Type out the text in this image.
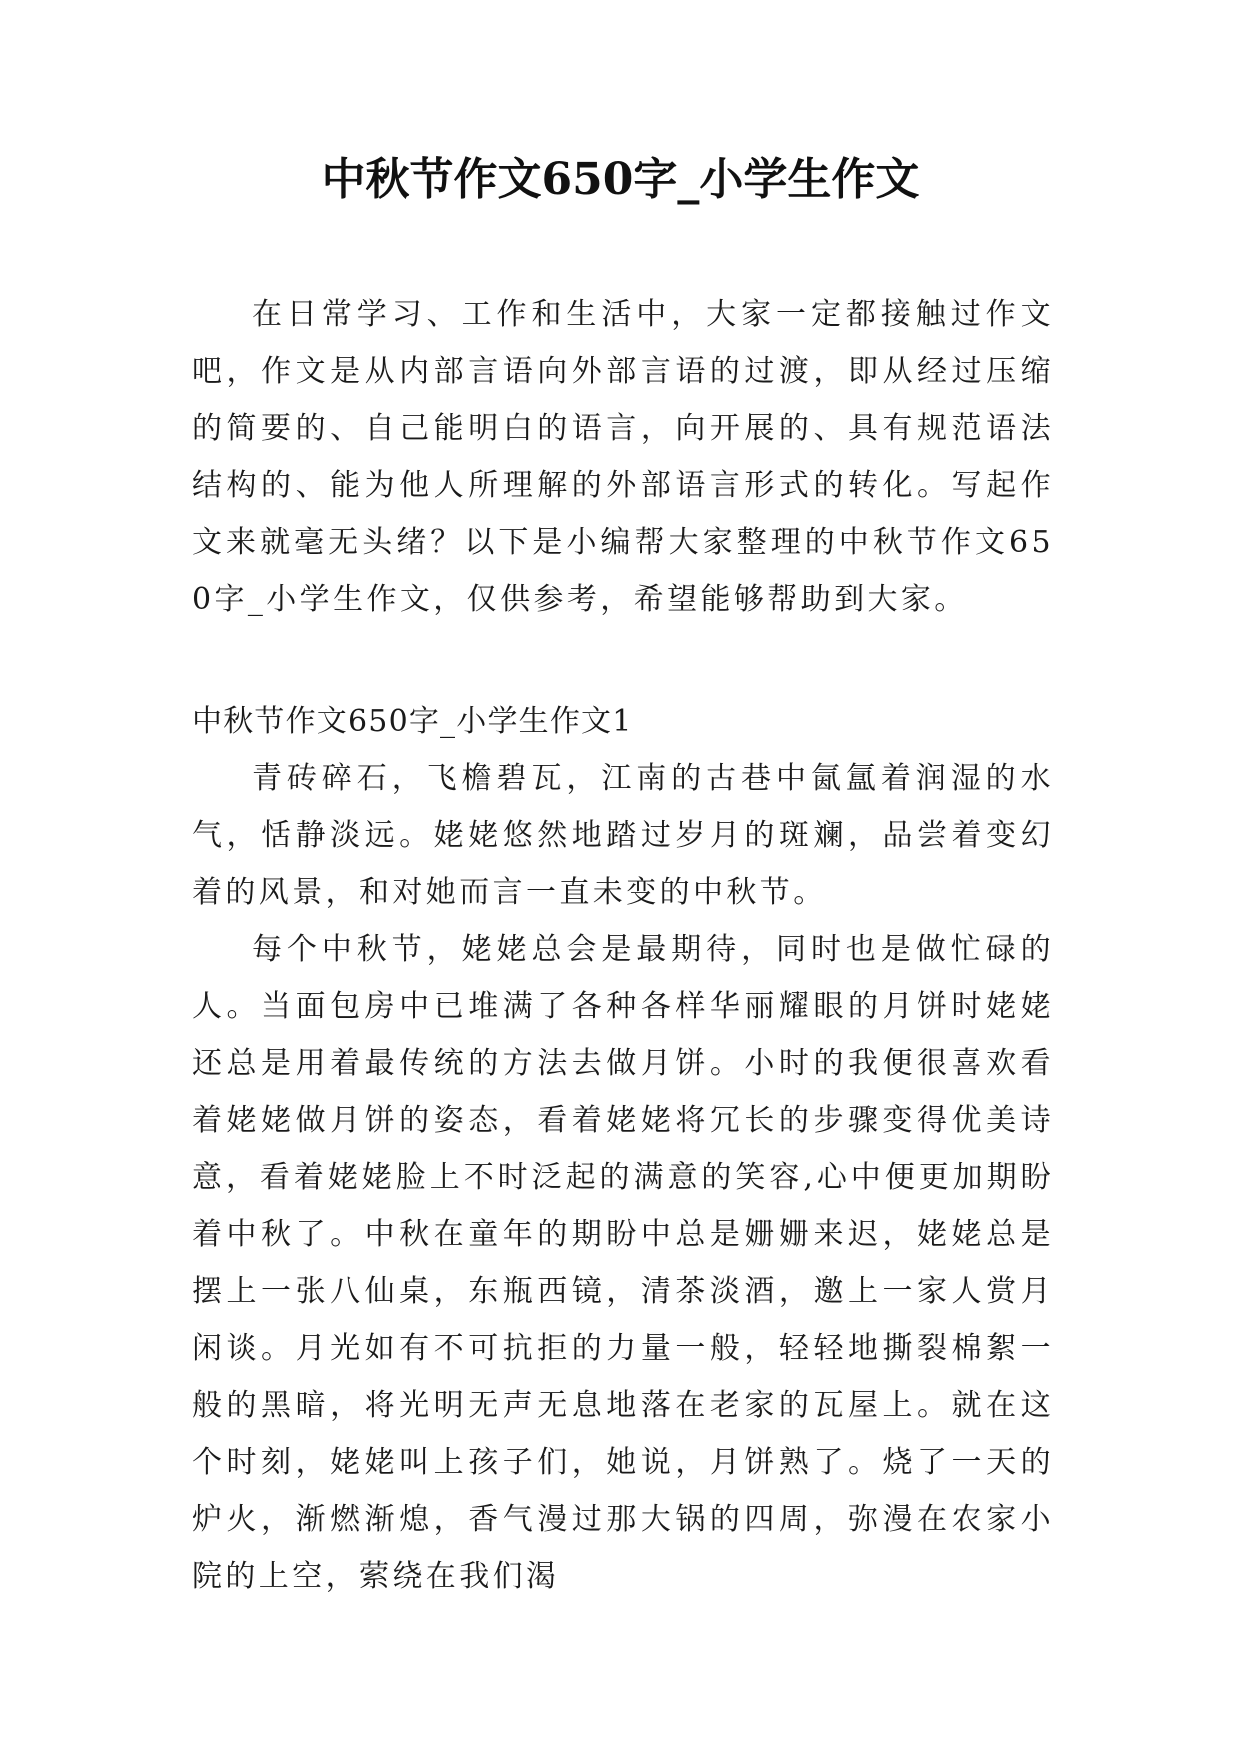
中秋节作文650字_小学生作文

在日常学习、工作和生活中，大家一定都接触过作文吧，作文是从内部言语向外部言语的过渡，即从经过压缩的简要的、自己能明白的语言，向开展的、具有规范语法结构的、能为他人所理解的外部语言形式的转化。写起作文来就毫无头绪？以下是小编帮大家整理的中秋节作文650字_小学生作文，仅供参考，希望能够帮助到大家。

中秋节作文650字_小学生作文1

青砖碎石，飞檐碧瓦，江南的古巷中氤氲着润湿的水气，恬静淡远。姥姥悠然地踏过岁月的斑斓，品尝着变幻着的风景，和对她而言一直未变的中秋节。

每个中秋节，姥姥总会是最期待，同时也是做忙碌的人。当面包房中已堆满了各种各样华丽耀眼的月饼时姥姥还总是用着最传统的方法去做月饼。小时的我便很喜欢看着姥姥做月饼的姿态，看着姥姥将冗长的步骤变得优美诗意，看着姥姥脸上不时泛起的满意的笑容,心中便更加期盼着中秋了。中秋在童年的期盼中总是姗姗来迟，姥姥总是摆上一张八仙桌，东瓶西镜，清茶淡酒，邀上一家人赏月闲谈。月光如有不可抗拒的力量一般，轻轻地撕裂棉絮一般的黑暗，将光明无声无息地落在老家的瓦屋上。就在这个时刻，姥姥叫上孩子们，她说，月饼熟了。烧了一天的炉火，渐燃渐熄，香气漫过那大锅的四周，弥漫在农家小院的上空，萦绕在我们渴
